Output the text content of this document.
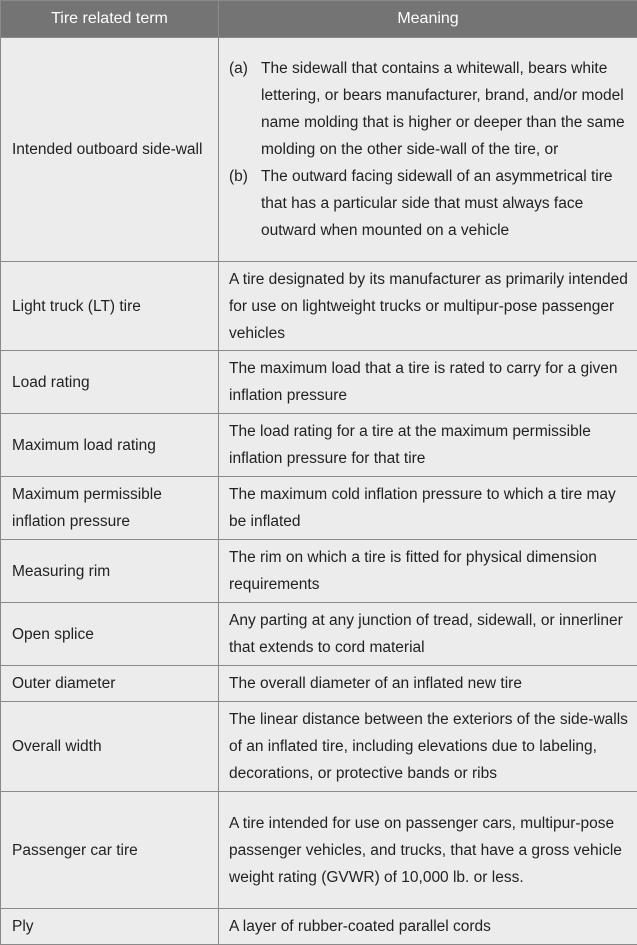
Tire related term	Meaning
Intended outboard side-wall	(a) The sidewall that contains a whitewall, bears white lettering, or bears manufacturer, brand, and/or model name molding that is higher or deeper than the same molding on the other side-wall of the tire, or
(b) The outward facing sidewall of an asymmetrical tire that has a particular side that must always face outward when mounted on a vehicle

Light truck (LT) tire	A tire designated by its manufacturer as primarily intended for use on lightweight trucks or multipur-pose passenger vehicles
Load rating	The maximum load that a tire is rated to carry for a given inflation pressure
Maximum load rating	The load rating for a tire at the maximum permissible inflation pressure for that tire
Maximum permissible inflation pressure	The maximum cold inflation pressure to which a tire may be inflated
Measuring rim	The rim on which a tire is fitted for physical dimension requirements
Open splice	Any parting at any junction of tread, sidewall, or innerliner that extends to cord material
Outer diameter	The overall diameter of an inflated new tire
Overall width	The linear distance between the exteriors of the side-walls of an inflated tire, including elevations due to labeling, decorations, or protective bands or ribs
Passenger car tire	A tire intended for use on passenger cars, multipur-pose passenger vehicles, and trucks, that have a gross vehicle weight rating (GVWR) of 10,000 lb. or less.
Ply	A layer of rubber-coated parallel cords
